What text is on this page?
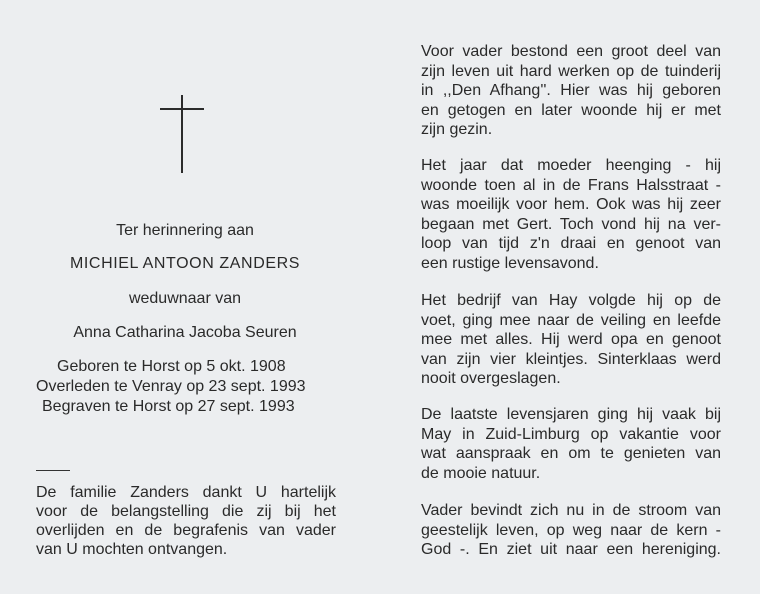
Ter herinnering aan
MICHIEL ANTOON ZANDERS
weduwnaar van
Anna Catharina Jacoba Seuren
Geboren te Horst op 5 okt. 1908
Overleden te Venray op 23 sept. 1993
Begraven te Horst op 27 sept. 1993
De familie Zanders dankt U hartelijk
voor de belangstelling die zij bij het
overlijden en de begrafenis van vader
van U mochten ontvangen.
Voor vader bestond een groot deel van
zijn leven uit hard werken op de tuinderij
in ,,Den Afhang''. Hier was hij geboren
en getogen en later woonde hij er met
zijn gezin.
Het jaar dat moeder heenging - hij
woonde toen al in de Frans Halsstraat -
was moeilijk voor hem. Ook was hij zeer
begaan met Gert. Toch vond hij na ver-
loop van tijd z'n draai en genoot van
een rustige levensavond.
Het bedrijf van Hay volgde hij op de
voet, ging mee naar de veiling en leefde
mee met alles. Hij werd opa en genoot
van zijn vier kleintjes. Sinterklaas werd
nooit overgeslagen.
De laatste levensjaren ging hij vaak bij
May in Zuid-Limburg op vakantie voor
wat aanspraak en om te genieten van
de mooie natuur.
Vader bevindt zich nu in de stroom van
geestelijk leven, op weg naar de kern -
God -. En ziet uit naar een hereniging.
